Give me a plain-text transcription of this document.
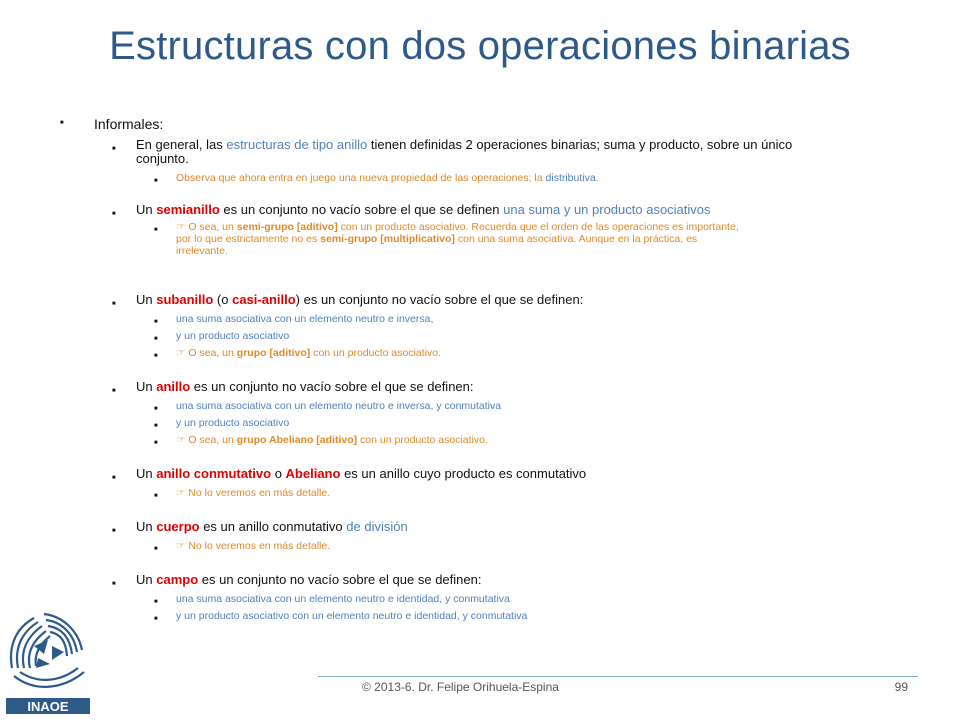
Estructuras con dos operaciones binarias
■ Informales:
■ En general, las estructuras de tipo anillo tienen definidas 2 operaciones binarias; suma y producto, sobre un único
conjunto.
■ Observa que ahora entra en juego una nueva propiedad de las operaciones; la distributiva.
■ Un semianillo es un conjunto no vacío sobre el que se definen una suma y un producto asociativos
■ ☞ O sea, un semi-grupo [aditivo] con un producto asociativo. Recuerda que el orden de las operaciones es importante,
por lo que estrictamente no es semi-grupo [multiplicativo] con una suma asociativa. Aunque en la práctica, es
irrelevante.
■ Un subanillo (o casi-anillo) es un conjunto no vacío sobre el que se definen:
■ una suma asociativa con un elemento neutro e inversa,
■ y un producto asociativo
■ ☞ O sea, un grupo [aditivo] con un producto asociativo.
■ Un anillo es un conjunto no vacío sobre el que se definen:
■ una suma asociativa con un elemento neutro e inversa, y conmutativa
■ y un producto asociativo
■ ☞ O sea, un grupo Abeliano [aditivo] con un producto asociativo.
■ Un anillo conmutativo o Abeliano es un anillo cuyo producto es conmutativo
■ ☞ No lo veremos en más detalle.
■ Un cuerpo es un anillo conmutativo de división
■ ☞ No lo veremos en más detalle.
■ Un campo es un conjunto no vacío sobre el que se definen:
■ una suma asociativa con un elemento neutro e identidad, y conmutativa
■ y un producto asociativo con un elemento neutro e identidad, y conmutativa
INAOE
© 2013-6. Dr. Felipe Orihuela-Espina	99
